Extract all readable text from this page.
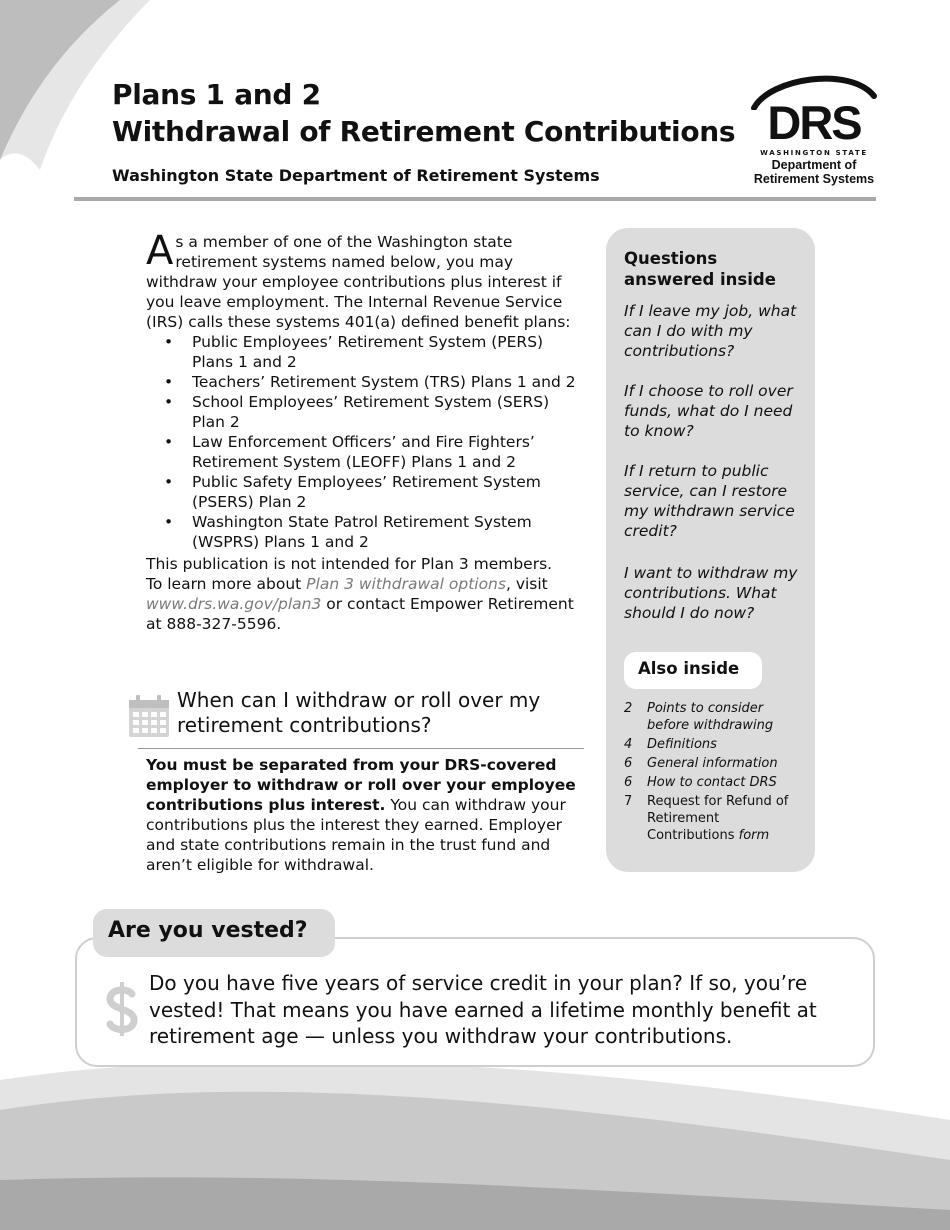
Plans 1 and 2
Withdrawal of Retirement Contributions
Washington State Department of Retirement Systems
DRS
WASHINGTON STATE
Department of
Retirement Systems

As a member of one of the Washington state retirement systems named below, you may withdraw your employee contributions plus interest if you leave employment. The Internal Revenue Service (IRS) calls these systems 401(a) defined benefit plans:

• Public Employees’ Retirement System (PERS) Plans 1 and 2
• Teachers’ Retirement System (TRS) Plans 1 and 2
• School Employees’ Retirement System (SERS) Plan 2
• Law Enforcement Officers’ and Fire Fighters’ Retirement System (LEOFF) Plans 1 and 2
• Public Safety Employees’ Retirement System (PSERS) Plan 2
• Washington State Patrol Retirement System (WSPRS) Plans 1 and 2

This publication is not intended for Plan 3 members.

To learn more about Plan 3 withdrawal options, visit www.drs.wa.gov/plan3 or contact Empower Retirement at 888-327-5596.

Questions answered inside
If I leave my job, what can I do with my contributions?
If I choose to roll over funds, what do I need to know?
If I return to public service, can I restore my withdrawn service credit?
I want to withdraw my contributions. What should I do now?
Also inside
2 Points to consider before withdrawing
4 Definitions
6 General information
6 How to contact DRS
7 Request for Refund of Retirement Contributions form
When can I withdraw or roll over my retirement contributions?

You must be separated from your DRS-covered employer to withdraw or roll over your employee contributions plus interest. You can withdraw your contributions plus the interest they earned. Employer and state contributions remain in the trust fund and aren’t eligible for withdrawal.

Are you vested?
Do you have five years of service credit in your plan? If so, you’re vested! That means you have earned a lifetime monthly benefit at retirement age — unless you withdraw your contributions.
